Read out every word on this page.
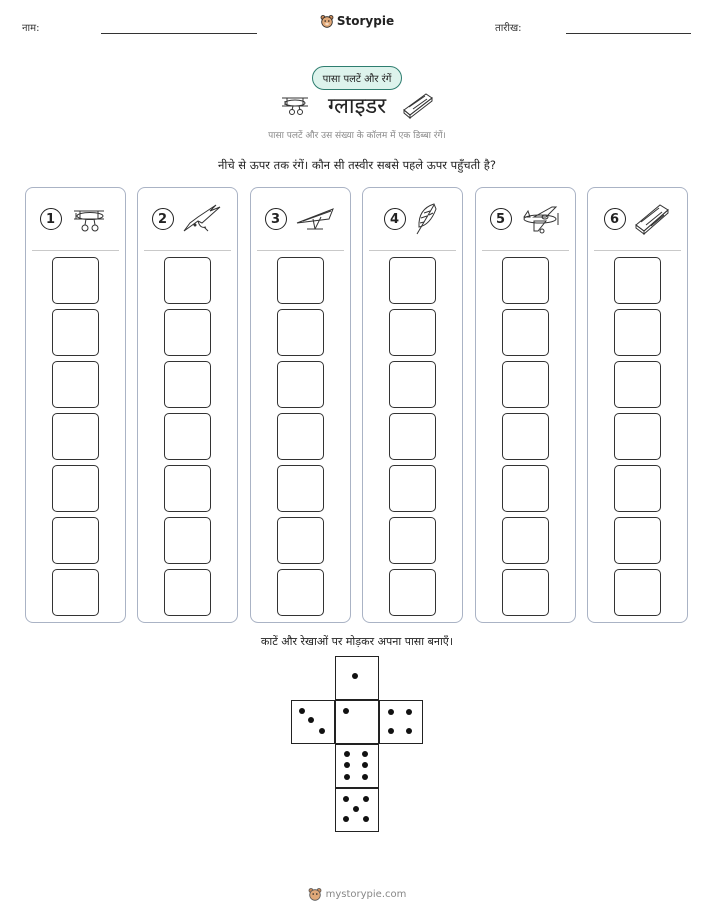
नाम:
Storypie
तारीख:
पासा पलटें और रंगें
ग्लाइडर
पासा पलटें और उस संख्या के कॉलम में एक डिब्बा रंगें।
नीचे से ऊपर तक रंगें। कौन सी तस्वीर सबसे पहले ऊपर पहुँचती है?
1	2	3	4	5	6
काटें और रेखाओं पर मोड़कर अपना पासा बनाएँ।
mystorypie.com
